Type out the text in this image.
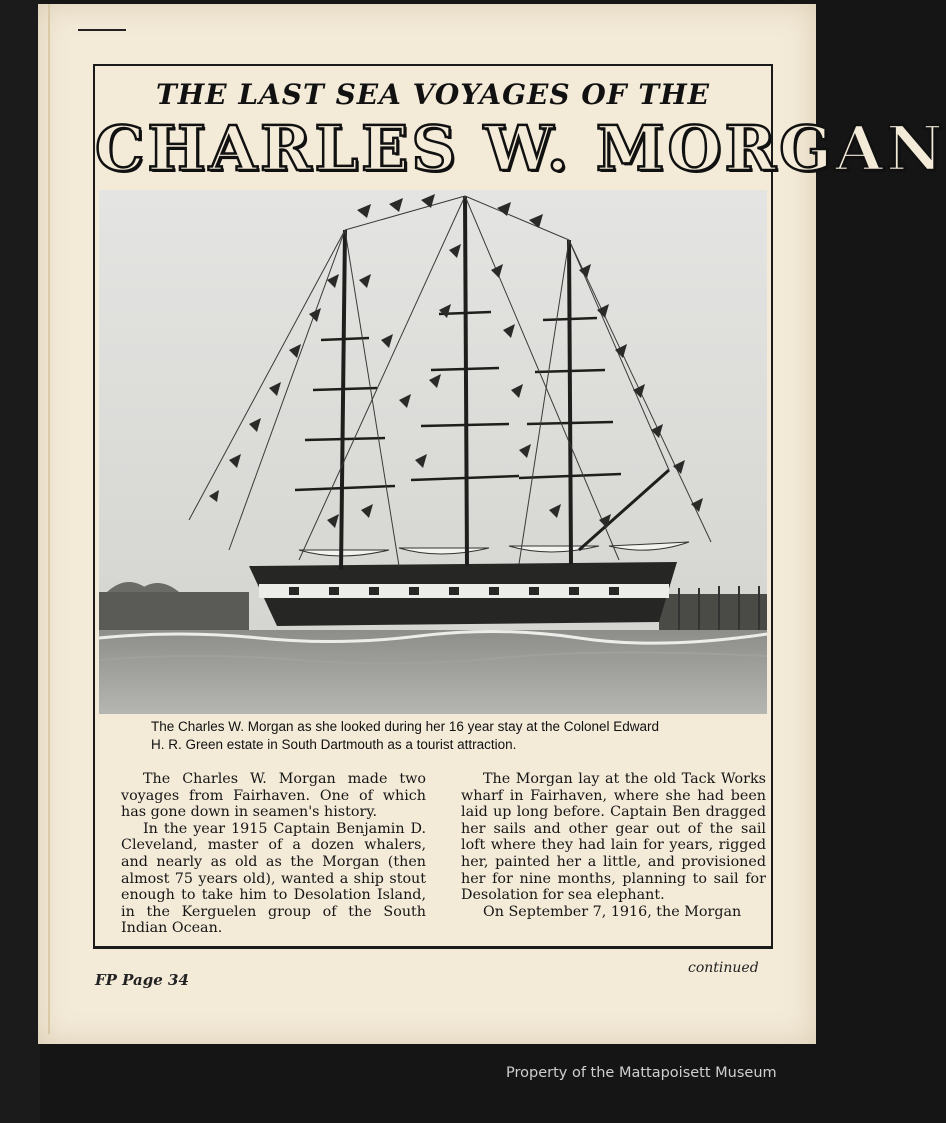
THE LAST SEA VOYAGES OF THE
CHARLES W. MORGAN
The Charles W. Morgan as she looked during her 16 year stay at the Colonel Edward
H. R. Green estate in South Dartmouth as a tourist attraction.

The Charles W. Morgan made two voyages from Fairhaven. One of which has gone down in seamen's history.

In the year 1915 Captain Benjamin D. Cleveland, master of a dozen whalers, and nearly as old as the Morgan (then almost 75 years old), wanted a ship stout enough to take him to Desolation Island, in the Kerguelen group of the South Indian Ocean.

The Morgan lay at the old Tack Works wharf in Fairhaven, where she had been laid up long before. Captain Ben dragged her sails and other gear out of the sail loft where they had lain for years, rigged her, painted her a little, and provisioned her for nine months, planning to sail for Desolation for sea elephant.

On September 7, 1916, the Morgan

continued
FP Page 34
Property of the Mattapoisett Museum
